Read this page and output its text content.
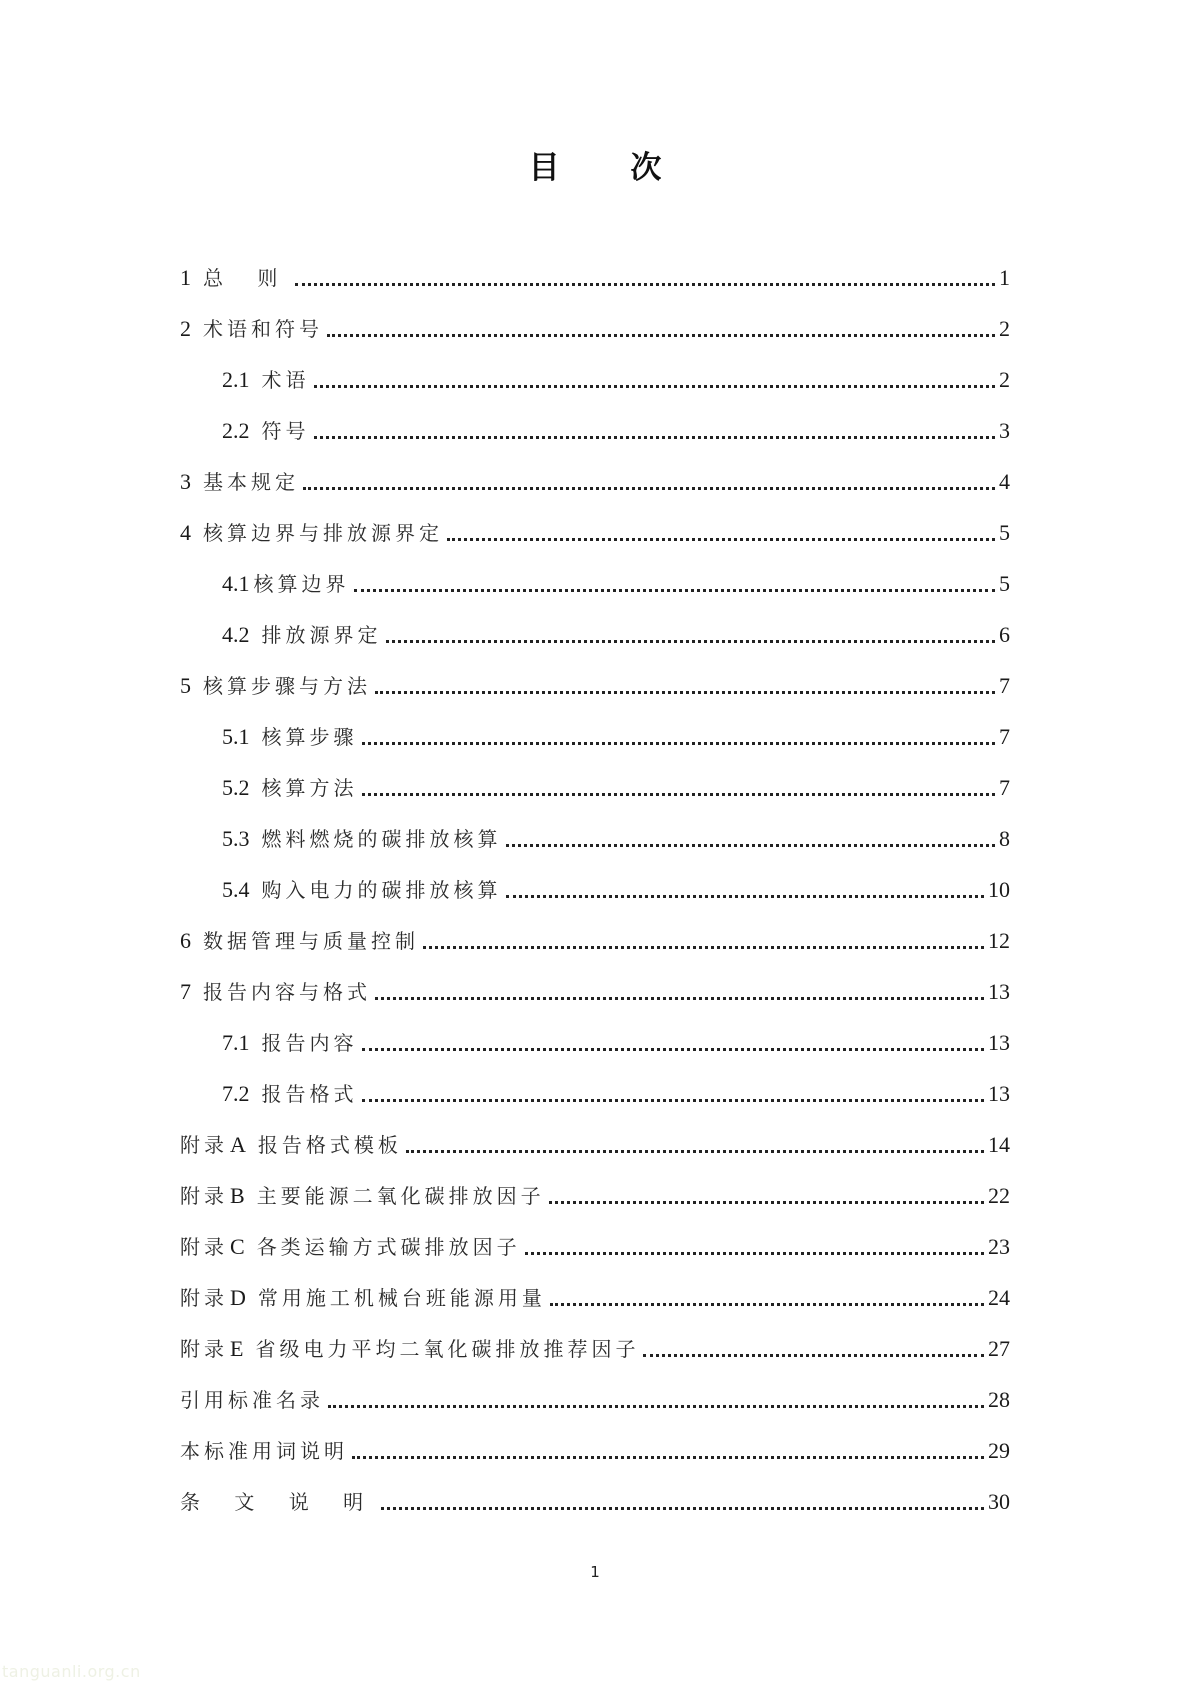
目 次
1 总 则	1
2 术语和符号	2
2.1 术语	2
2.2 符号	3
3 基本规定	4
4 核算边界与排放源界定	5
4.1 核算边界	5
4.2 排放源界定	6
5 核算步骤与方法	7
5.1 核算步骤	7
5.2 核算方法	7
5.3 燃料燃烧的碳排放核算	8
5.4 购入电力的碳排放核算	10
6 数据管理与质量控制	12
7 报告内容与格式	13
7.1 报告内容	13
7.2 报告格式	13
附录 A 报告格式模板	14
附录 B 主要能源二氧化碳排放因子	22
附录 C 各类运输方式碳排放因子	23
附录 D 常用施工机械台班能源用量	24
附录 E 省级电力平均二氧化碳排放推荐因子	27
引用标准名录	28
本标准用词说明	29
条 文 说 明	30
1
tanguanli.org.cn
